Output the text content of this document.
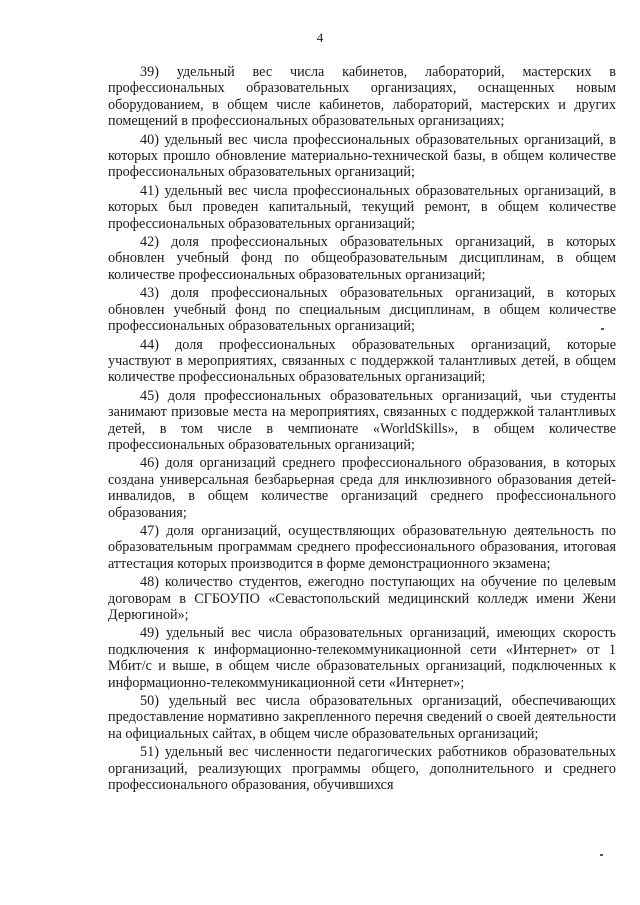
4

39) удельный вес числа кабинетов, лабораторий, мастерских в профессиональных образовательных организациях, оснащенных новым оборудованием, в общем числе кабинетов, лабораторий, мастерских и других помещений в профессиональных образовательных организациях;

40) удельный вес числа профессиональных образовательных организаций, в которых прошло обновление материально-технической базы, в общем количестве профессиональных образовательных организаций;

41) удельный вес числа профессиональных образовательных организаций, в которых был проведен капитальный, текущий ремонт, в общем количестве профессиональных образовательных организаций;

42) доля профессиональных образовательных организаций, в которых обновлен учебный фонд по общеобразовательным дисциплинам, в общем количестве профессиональных образовательных организаций;

43) доля профессиональных образовательных организаций, в которых обновлен учебный фонд по специальным дисциплинам, в общем количестве профессиональных образовательных организаций;

44) доля профессиональных образовательных организаций, которые участвуют в мероприятиях, связанных с поддержкой талантливых детей, в общем количестве профессиональных образовательных организаций;

45) доля профессиональных образовательных организаций, чьи студенты занимают призовые места на мероприятиях, связанных с поддержкой талантливых детей, в том числе в чемпионате «WorldSkills», в общем количестве профессиональных образовательных организаций;

46) доля организаций среднего профессионального образования, в которых создана универсальная безбарьерная среда для инклюзивного образования детей-инвалидов, в общем количестве организаций среднего профессионального образования;

47) доля организаций, осуществляющих образовательную деятельность по образовательным программам среднего профессионального образования, итоговая аттестация которых производится в форме демонстрационного экзамена;

48) количество студентов, ежегодно поступающих на обучение по целевым договорам в СГБОУПО «Севастопольский медицинский колледж имени Жени Дерюгиной»;

49) удельный вес числа образовательных организаций, имеющих скорость подключения к информационно-телекоммуникационной сети «Интернет» от 1 Мбит/с и выше, в общем числе образовательных организаций, подключенных к информационно-телекоммуникационной сети «Интернет»;

50) удельный вес числа образовательных организаций, обеспечивающих предоставление нормативно закрепленного перечня сведений о своей деятельности на официальных сайтах, в общем числе образовательных организаций;

51) удельный вес численности педагогических работников образовательных организаций, реализующих программы общего, дополнительного и среднего профессионального образования, обучившихся
